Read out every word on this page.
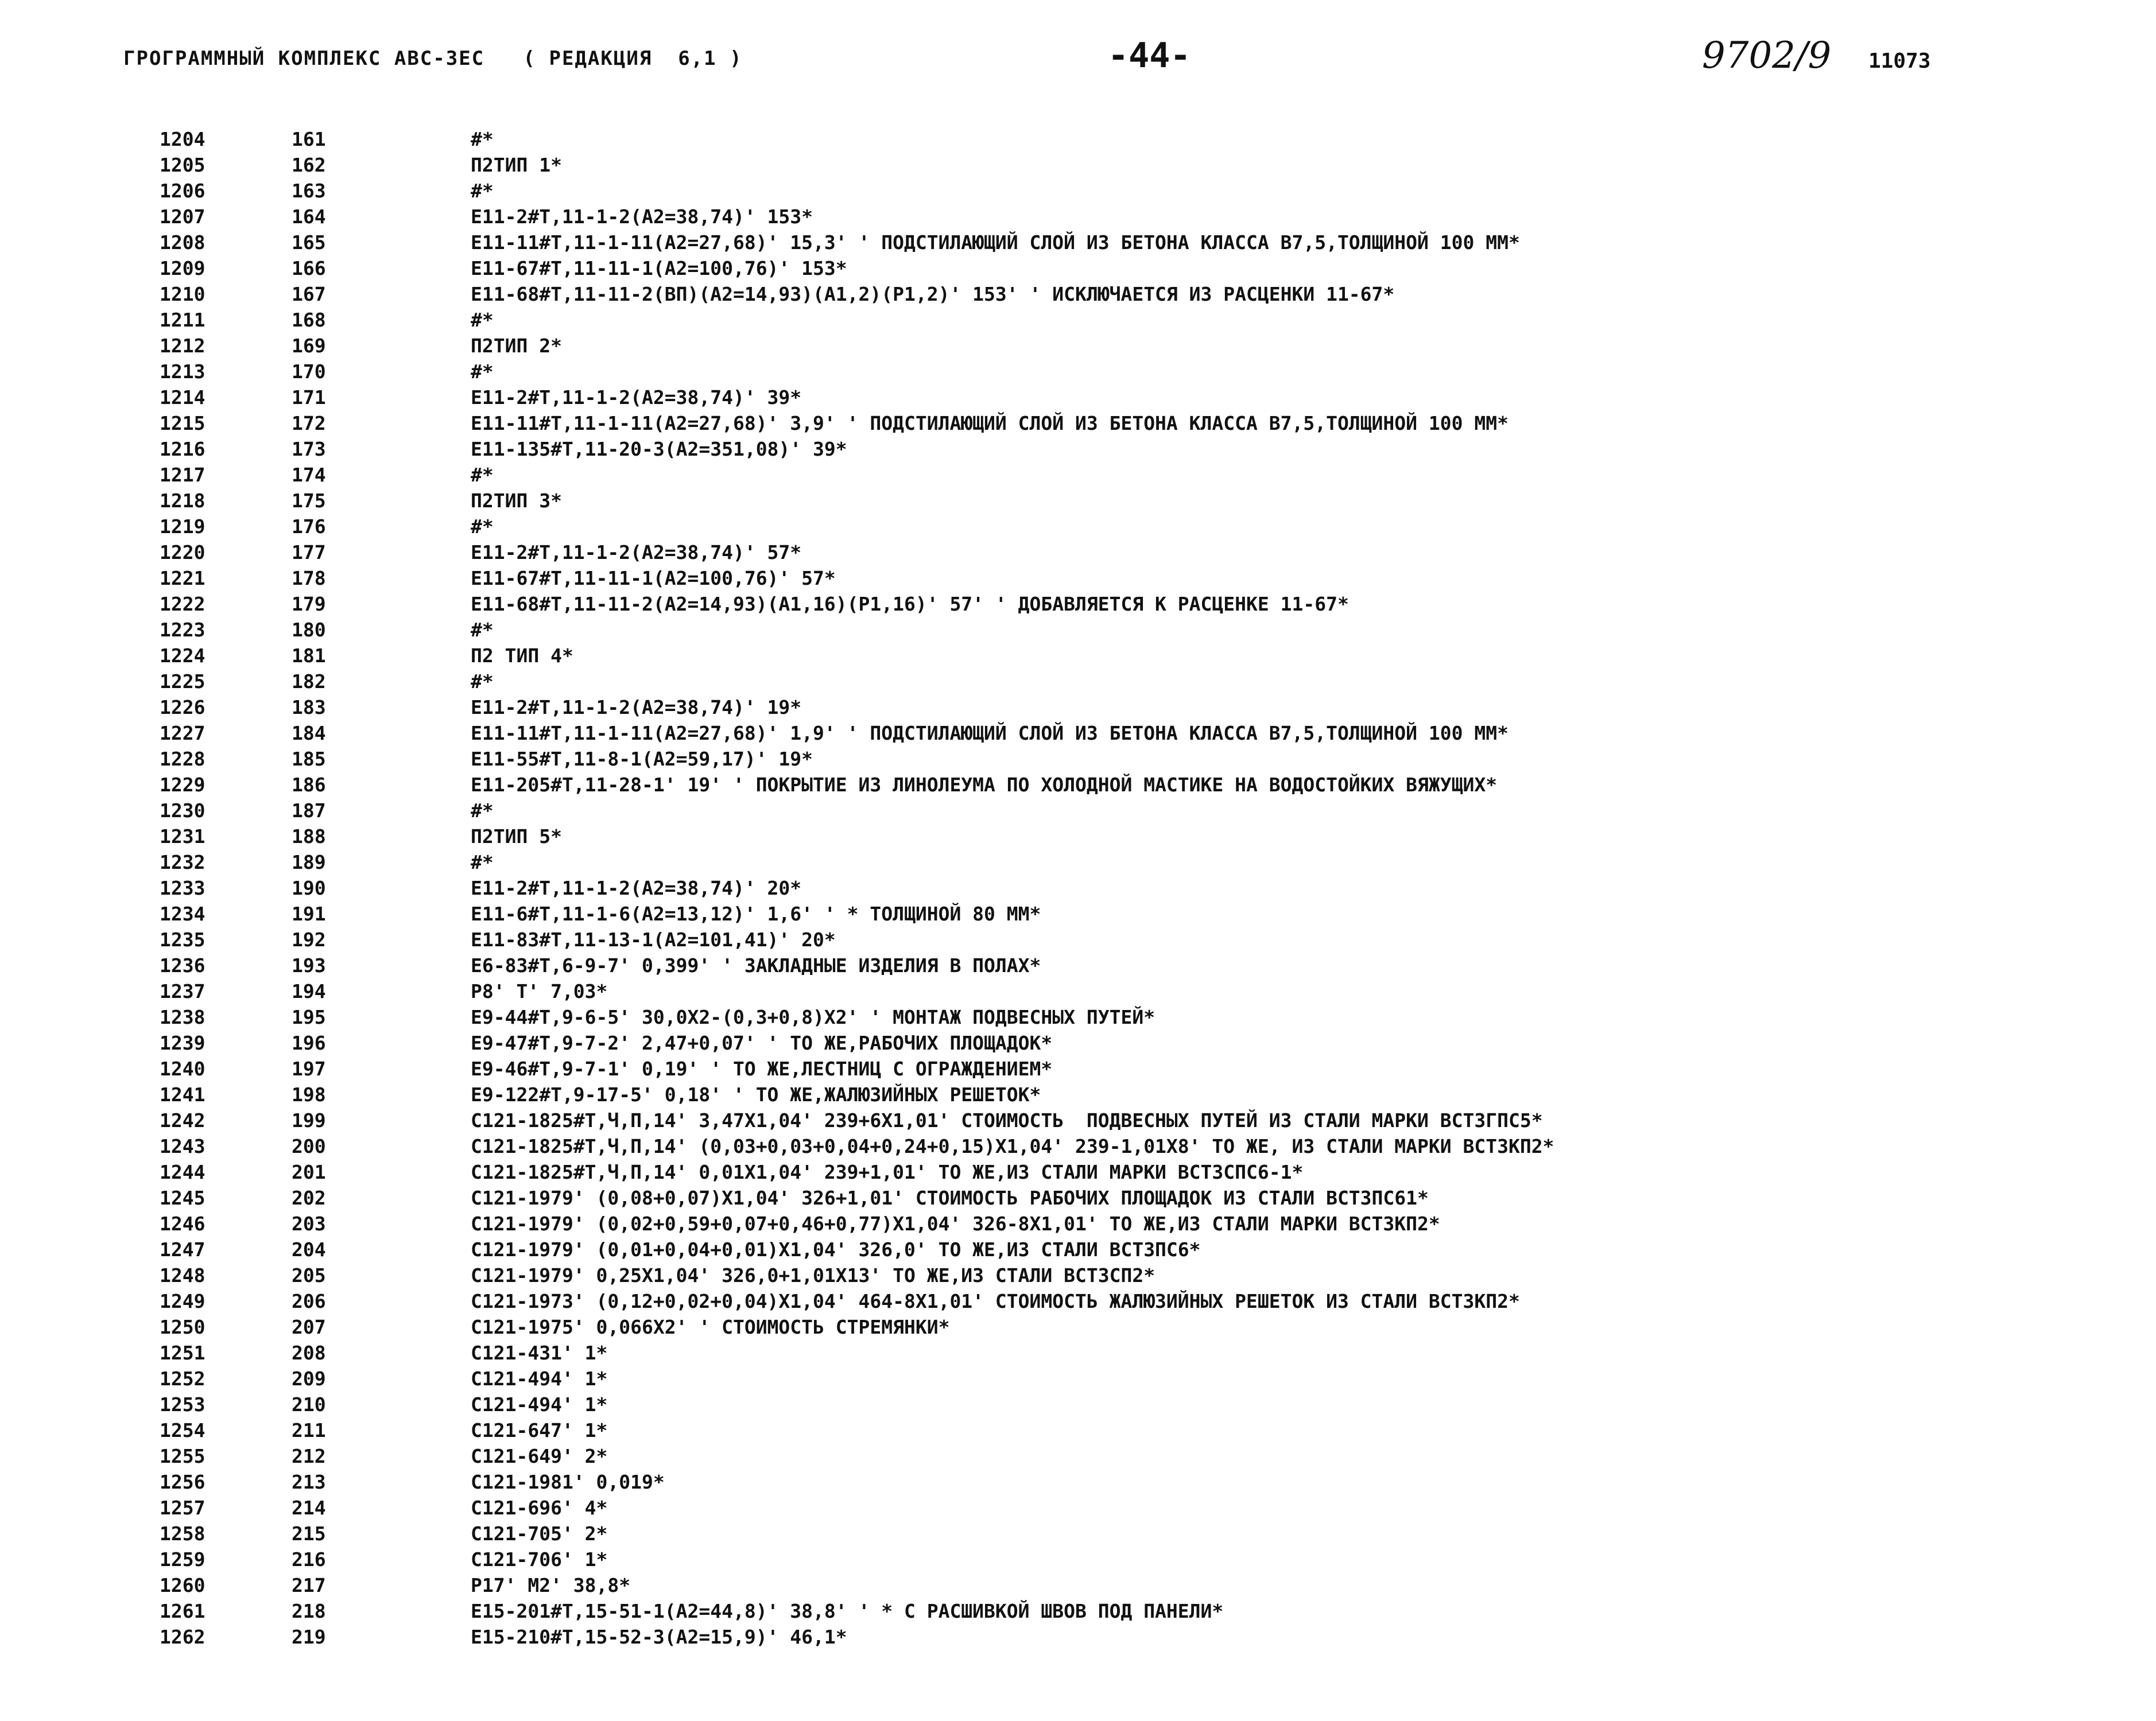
ГРОГРАММНЫЙ КОМПЛЕКС АВС-3ЕС   ( РЕДАКЦИЯ  6,1 )	-44-	9702/9 11073
1204	161	#*
1205	162	П2ТИП 1*
1206	163	#*
1207	164	Е11-2#Т,11-1-2(А2=38,74)' 153*
1208	165	Е11-11#Т,11-1-11(А2=27,68)' 15,3' ' ПОДСТИЛАЮЩИЙ СЛОЙ ИЗ БЕТОНА КЛАССА В7,5,ТОЛЩИНОЙ 100 ММ*
1209	166	Е11-67#Т,11-11-1(А2=100,76)' 153*
1210	167	Е11-68#Т,11-11-2(ВП)(А2=14,93)(А1,2)(Р1,2)' 153' ' ИСКЛЮЧАЕТСЯ ИЗ РАСЦЕНКИ 11-67*
1211	168	#*
1212	169	П2ТИП 2*
1213	170	#*
1214	171	Е11-2#Т,11-1-2(А2=38,74)' 39*
1215	172	Е11-11#Т,11-1-11(А2=27,68)' 3,9' ' ПОДСТИЛАЮЩИЙ СЛОЙ ИЗ БЕТОНА КЛАССА В7,5,ТОЛЩИНОЙ 100 ММ*
1216	173	Е11-135#Т,11-20-3(А2=351,08)' 39*
1217	174	#*
1218	175	П2ТИП 3*
1219	176	#*
1220	177	Е11-2#Т,11-1-2(А2=38,74)' 57*
1221	178	Е11-67#Т,11-11-1(А2=100,76)' 57*
1222	179	Е11-68#Т,11-11-2(А2=14,93)(А1,16)(Р1,16)' 57' ' ДОБАВЛЯЕТСЯ К РАСЦЕНКЕ 11-67*
1223	180	#*
1224	181	П2 ТИП 4*
1225	182	#*
1226	183	Е11-2#Т,11-1-2(А2=38,74)' 19*
1227	184	Е11-11#Т,11-1-11(А2=27,68)' 1,9' ' ПОДСТИЛАЮЩИЙ СЛОЙ ИЗ БЕТОНА КЛАССА В7,5,ТОЛЩИНОЙ 100 ММ*
1228	185	Е11-55#Т,11-8-1(А2=59,17)' 19*
1229	186	Е11-205#Т,11-28-1' 19' ' ПОКРЫТИЕ ИЗ ЛИНОЛЕУМА ПО ХОЛОДНОЙ МАСТИКЕ НА ВОДОСТОЙКИХ ВЯЖУЩИХ*
1230	187	#*
1231	188	П2ТИП 5*
1232	189	#*
1233	190	Е11-2#Т,11-1-2(А2=38,74)' 20*
1234	191	Е11-6#Т,11-1-6(А2=13,12)' 1,6' ' * ТОЛЩИНОЙ 80 ММ*
1235	192	Е11-83#Т,11-13-1(А2=101,41)' 20*
1236	193	Е6-83#Т,6-9-7' 0,399' ' ЗАКЛАДНЫЕ ИЗДЕЛИЯ В ПОЛАХ*
1237	194	Р8' Т' 7,03*
1238	195	Е9-44#Т,9-6-5' 30,0Х2-(0,3+0,8)Х2' ' МОНТАЖ ПОДВЕСНЫХ ПУТЕЙ*
1239	196	Е9-47#Т,9-7-2' 2,47+0,07' ' ТО ЖЕ,РАБОЧИХ ПЛОЩАДОК*
1240	197	Е9-46#Т,9-7-1' 0,19' ' ТО ЖЕ,ЛЕСТНИЦ С ОГРАЖДЕНИЕМ*
1241	198	Е9-122#Т,9-17-5' 0,18' ' ТО ЖЕ,ЖАЛЮЗИЙНЫХ РЕШЕТОК*
1242	199	С121-1825#Т,Ч,П,14' 3,47Х1,04' 239+6Х1,01' СТОИМОСТЬ  ПОДВЕСНЫХ ПУТЕЙ ИЗ СТАЛИ МАРКИ ВСТ3ГПС5*
1243	200	С121-1825#Т,Ч,П,14' (0,03+0,03+0,04+0,24+0,15)Х1,04' 239-1,01Х8' ТО ЖЕ, ИЗ СТАЛИ МАРКИ ВСТ3КП2*
1244	201	С121-1825#Т,Ч,П,14' 0,01Х1,04' 239+1,01' ТО ЖЕ,ИЗ СТАЛИ МАРКИ ВСТ3СПС6-1*
1245	202	С121-1979' (0,08+0,07)Х1,04' 326+1,01' СТОИМОСТЬ РАБОЧИХ ПЛОЩАДОК ИЗ СТАЛИ ВСТ3ПС61*
1246	203	С121-1979' (0,02+0,59+0,07+0,46+0,77)Х1,04' 326-8Х1,01' ТО ЖЕ,ИЗ СТАЛИ МАРКИ ВСТ3КП2*
1247	204	С121-1979' (0,01+0,04+0,01)Х1,04' 326,0' ТО ЖЕ,ИЗ СТАЛИ ВСТ3ПС6*
1248	205	С121-1979' 0,25Х1,04' 326,0+1,01Х13' ТО ЖЕ,ИЗ СТАЛИ ВСТ3СП2*
1249	206	С121-1973' (0,12+0,02+0,04)Х1,04' 464-8Х1,01' СТОИМОСТЬ ЖАЛЮЗИЙНЫХ РЕШЕТОК ИЗ СТАЛИ ВСТ3КП2*
1250	207	С121-1975' 0,066Х2' ' СТОИМОСТЬ СТРЕМЯНКИ*
1251	208	С121-431' 1*
1252	209	С121-494' 1*
1253	210	С121-494' 1*
1254	211	С121-647' 1*
1255	212	С121-649' 2*
1256	213	С121-1981' 0,019*
1257	214	С121-696' 4*
1258	215	С121-705' 2*
1259	216	С121-706' 1*
1260	217	Р17' М2' 38,8*
1261	218	Е15-201#Т,15-51-1(А2=44,8)' 38,8' ' * С РАСШИВКОЙ ШВОВ ПОД ПАНЕЛИ*
1262	219	Е15-210#Т,15-52-3(А2=15,9)' 46,1*
